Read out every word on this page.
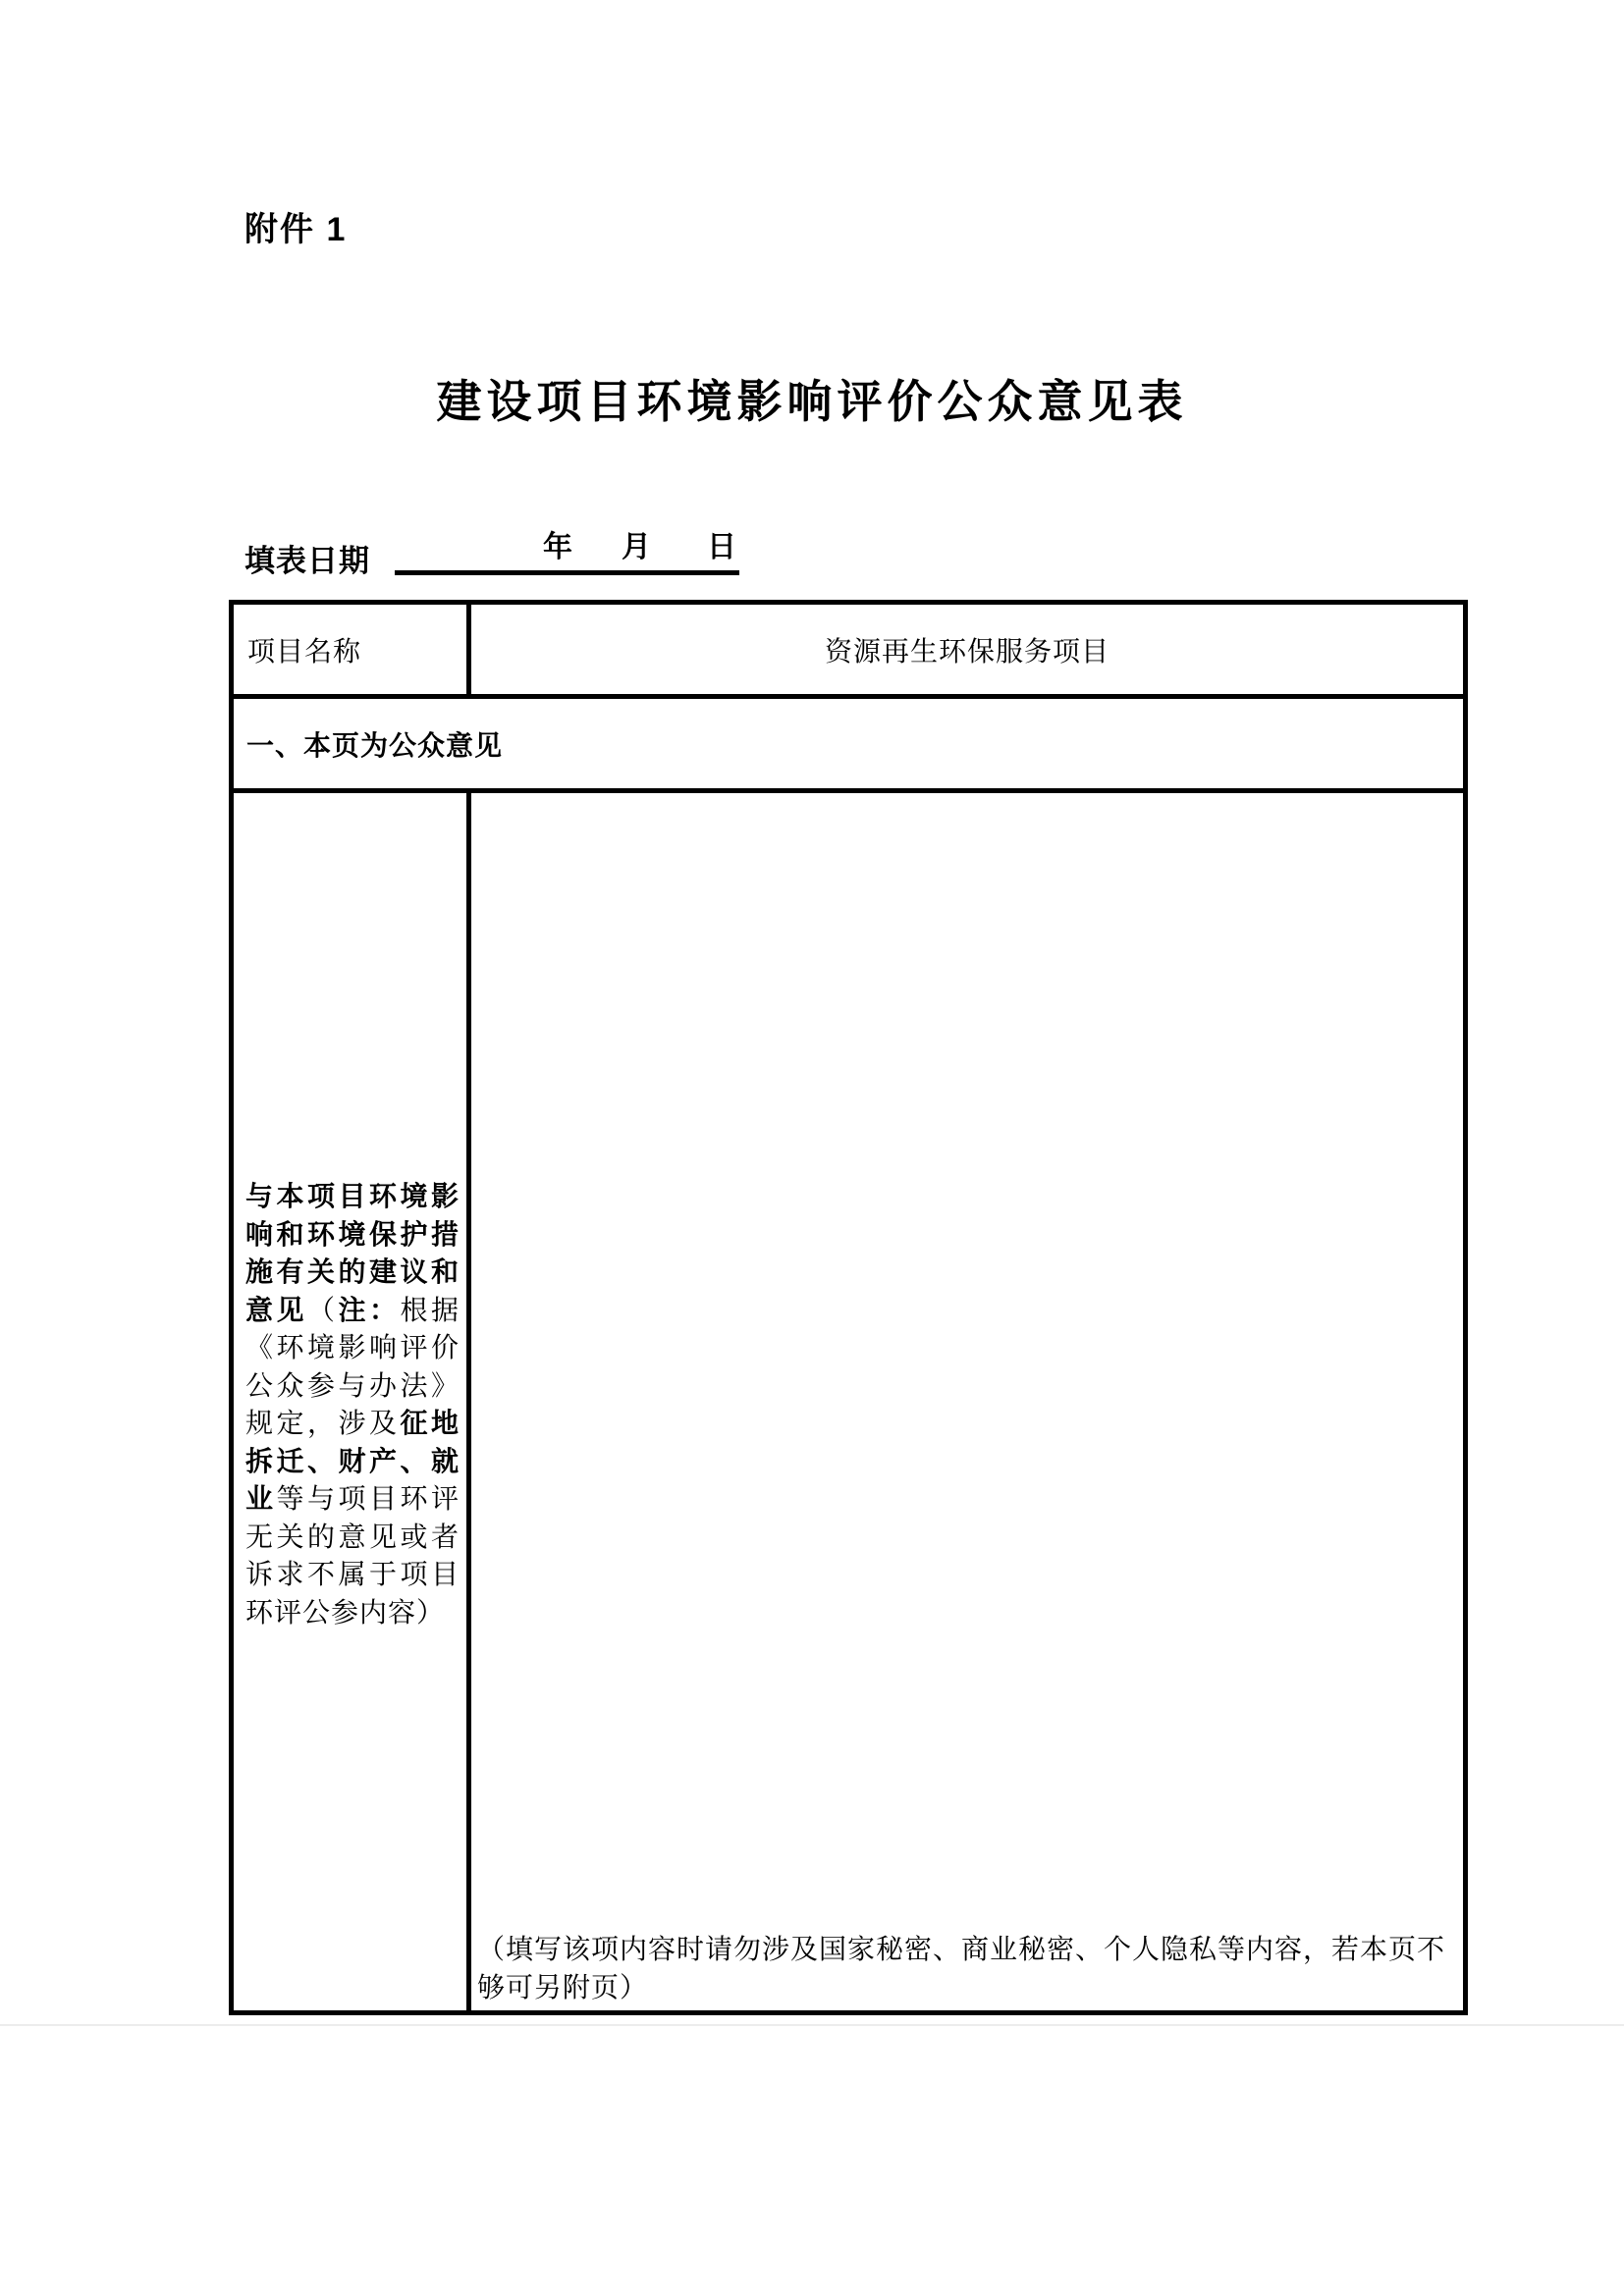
附件 1
建设项目环境影响评价公众意见表
填表日期	年 月 日
项目名称	资源再生环保服务项目
一、本页为公众意见
与本项目环境影响和环境保护措施有关的建议和意见（注：根据《环境影响评价公众参与办法》规定，涉及征地拆迁、财产、就业等与项目环评无关的意见或者诉求不属于项目环评公参内容）
（填写该项内容时请勿涉及国家秘密、商业秘密、个人隐私等内容，若本页不够可另附页）
